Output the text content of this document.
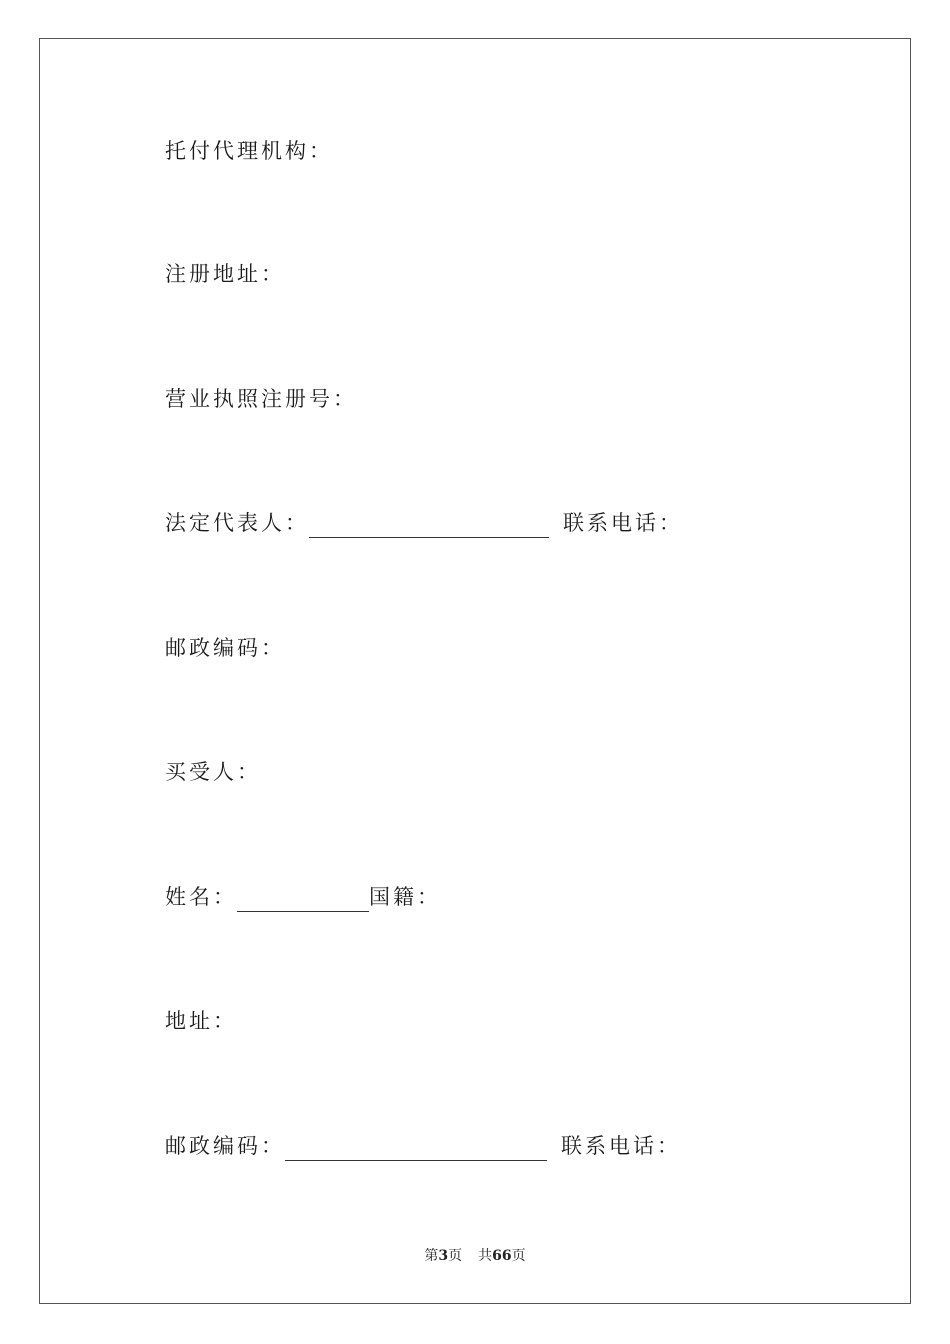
托付代理机构：
注册地址：
营业执照注册号：
法定代表人：	联系电话：
邮政编码：
买受人：
姓名：	国籍：
地址：
邮政编码：	联系电话：
第3页 共66页
